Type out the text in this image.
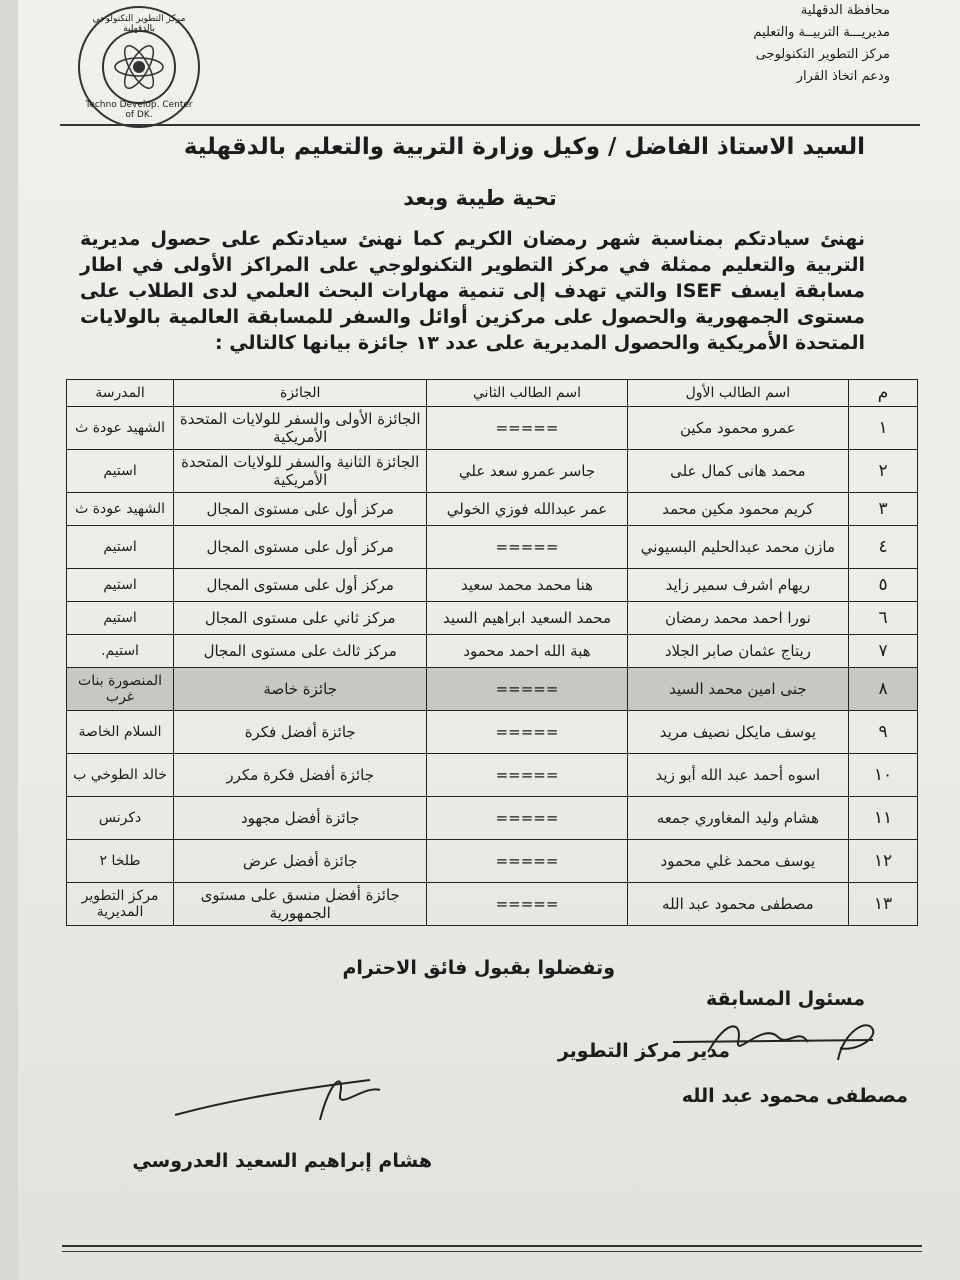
محافظة الدقهلية
مديريـــة التربيــة والتعليم
مركز التطوير التكنولوجى
ودعم اتخاذ القرار
مركز التطوير التكنولوجي بالدقهلية
Techno Develop. Center of DK.
السيد الاستاذ الفاضل / وكيل وزارة التربية والتعليم بالدقهلية
تحية طيبة وبعد
نهنئ سيادتكم بمناسبة شهر رمضان الكريم كما نهنئ سيادتكم على حصول مديرية التربية والتعليم ممثلة في مركز التطوير التكنولوجي على المراكز الأولى في اطار مسابقة ايسف ISEF والتي تهدف إلى تنمية مهارات البحث العلمي لدى الطلاب على مستوى الجمهورية والحصول على مركزين أوائل والسفر للمسابقة العالمية بالولايات المتحدة الأمريكية والحصول المديرية على عدد ١٣ جائزة بيانها كالتالي :
م	اسم الطالب الأول	اسم الطالب الثاني	الجائزة	المدرسة
١	عمرو محمود مكين	=====	الجائزة الأولى والسفر للولايات المتحدة الأمريكية	الشهيد عودة ث
٢	محمد هانى كمال على	جاسر عمرو سعد علي	الجائزة الثانية والسفر للولايات المتحدة الأمريكية	استيم
٣	كريم محمود مكين محمد	عمر عبدالله فوزي الخولي	مركز أول على مستوى المجال	الشهيد عودة ث
٤	مازن محمد عبدالحليم البسيوني	=====	مركز أول على مستوى المجال	استيم
٥	ريهام اشرف سمير زايد	هنا محمد محمد سعيد	مركز أول على مستوى المجال	استيم
٦	نورا احمد محمد رمضان	محمد السعيد ابراهيم السيد	مركز ثاني على مستوى المجال	استيم
٧	ريتاج عثمان صابر الجلاد	هبة الله احمد محمود	مركز ثالث على مستوى المجال	استيم.
٨	جنى امين محمد السيد	=====	جائزة خاصة	المنصورة بنات غرب
٩	يوسف مايكل نصيف مريد	=====	جائزة أفضل فكرة	السلام الخاصة
١٠	اسوه أحمد عبد الله أبو زيد	=====	جائزة أفضل فكرة مكرر	خالد الطوخي ب
١١	هشام وليد المغاوري جمعه	=====	جائزة أفضل مجهود	دكرنس
١٢	يوسف محمد غلي محمود	=====	جائزة أفضل عرض	طلخا ٢
١٣	مصطفى محمود عبد الله	=====	جائزة أفضل منسق على مستوى الجمهورية	مركز التطوير المديرية
وتفضلوا بقبول فائق الاحترام
مسئول المسابقة
مدير مركز التطوير
مصطفى محمود عبد الله
هشام إبراهيم السعيد العدروسي
